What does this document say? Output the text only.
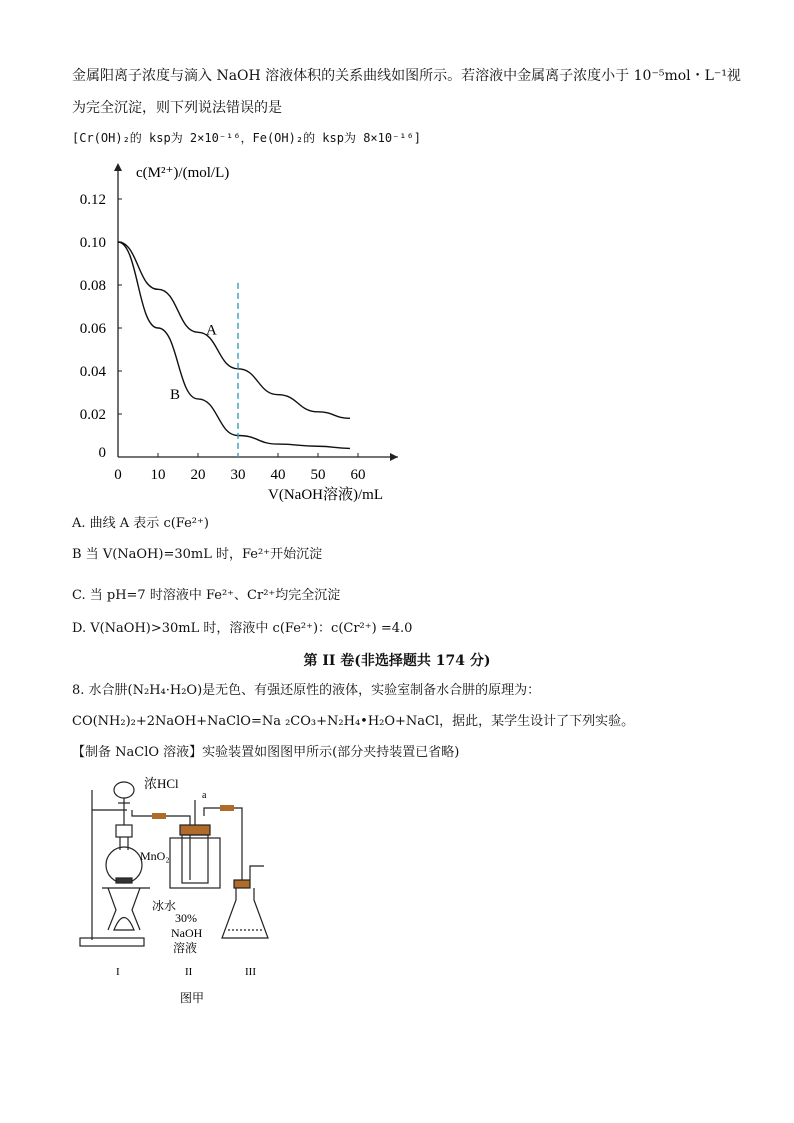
金属阳离子浓度与滴入 NaOH 溶液体积的关系曲线如图所示。若溶液中金属离子浓度小于 10⁻⁵mol・L⁻¹视
为完全沉淀，则下列说法错误的是
[Cr(OH)₂的 ksp为 2×10⁻¹⁶，Fe(OH)₂的 ksp为 8×10⁻¹⁶]
0 10 20 30 40 50 60
0
0.02
0.04
0.06
0.08
0.10
0.12
c(M²⁺)/(mol/L)
V(NaOH溶液)/mL
A
B
A. 曲线 A 表示 c(Fe²⁺)
B 当 V(NaOH)=30mL 时，Fe²⁺开始沉淀
C. 当 pH=7 时溶液中 Fe²⁺、Cr²⁺均完全沉淀
D. V(NaOH)>30mL 时，溶液中 c(Fe²⁺)：c(Cr²⁺) =4.0
第 II 卷(非选择题共 174 分)
8. 水合肼(N₂H₄·H₂O)是无色、有强还原性的液体，实验室制备水合肼的原理为：
CO(NH₂)₂+2NaOH+NaClO=Na ₂CO₃+N₂H₄•H₂O+NaCl，据此，某学生设计了下列实验。
【制备 NaClO 溶液】实验装置如图图甲所示(部分夹持装置已省略)
浓HCl
a
MnO₂
冰水
30%
NaOH
溶液
I	II	III
图甲
